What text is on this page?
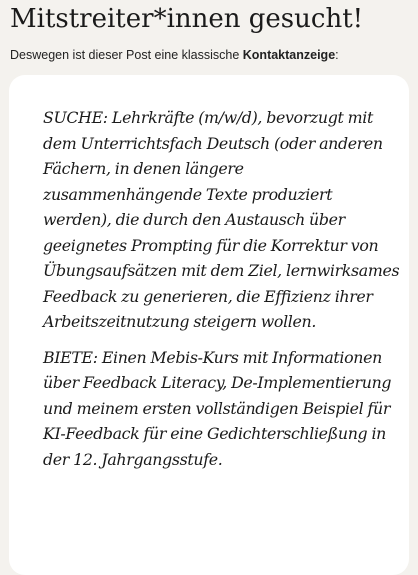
Mitstreiter*innen gesucht!

Deswegen ist dieser Post eine klassische Kontaktanzeige:

SUCHE: Lehrkräfte (m/w/d), bevorzugt mit dem Unterrichtsfach Deutsch (oder anderen Fächern, in denen längere zusammenhängende Texte produziert werden), die durch den Austausch über geeignetes Prompting für die Korrektur von Übungsaufsätzen mit dem Ziel, lernwirksames Feedback zu generieren, die Effizienz ihrer Arbeitszeitnutzung steigern wollen.

BIETE: Einen Mebis-Kurs mit Informationen über Feedback Literacy, De-Implementierung und meinem ersten vollständigen Beispiel für KI-Feedback für eine Gedichterschließung in der 12. Jahrgangsstufe.
